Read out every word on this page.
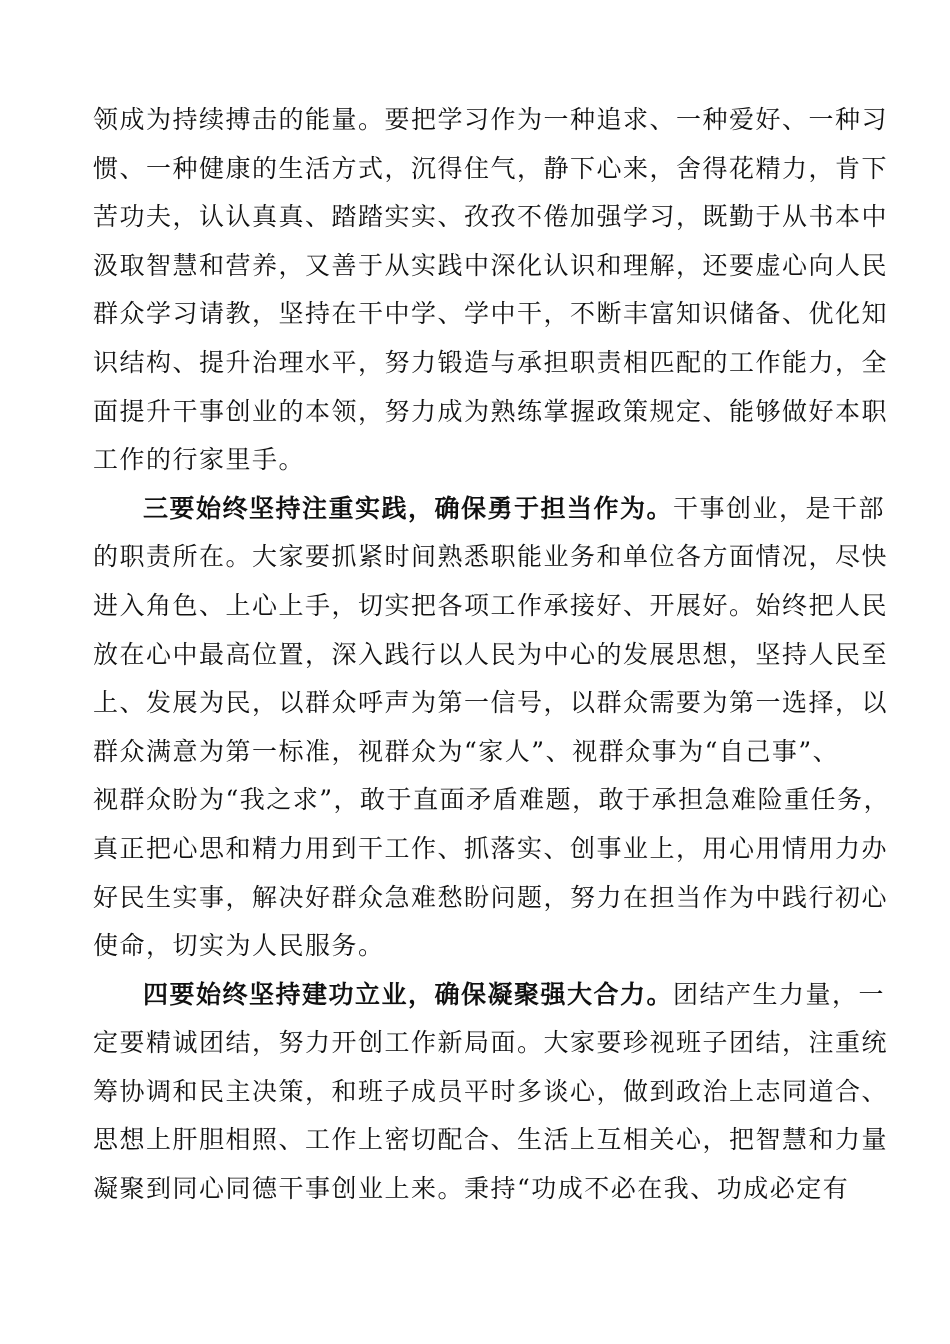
领成为持续搏击的能量。要把学习作为一种追求、一种爱好、一种习
惯、一种健康的生活方式，沉得住气，静下心来，舍得花精力，肯下
苦功夫，认认真真、踏踏实实、孜孜不倦加强学习，既勤于从书本中
汲取智慧和营养，又善于从实践中深化认识和理解，还要虚心向人民
群众学习请教，坚持在干中学、学中干，不断丰富知识储备、优化知
识结构、提升治理水平，努力锻造与承担职责相匹配的工作能力，全
面提升干事创业的本领，努力成为熟练掌握政策规定、能够做好本职
工作的行家里手。
三要始终坚持注重实践，确保勇于担当作为。干事创业，是干部
的职责所在。大家要抓紧时间熟悉职能业务和单位各方面情况，尽快
进入角色、上心上手，切实把各项工作承接好、开展好。始终把人民
放在心中最高位置，深入践行以人民为中心的发展思想，坚持人民至
上、发展为民，以群众呼声为第一信号，以群众需要为第一选择，以
群众满意为第一标准，视群众为“家人”、视群众事为“自己事”、
视群众盼为“我之求”，敢于直面矛盾难题，敢于承担急难险重任务，
真正把心思和精力用到干工作、抓落实、创事业上，用心用情用力办
好民生实事，解决好群众急难愁盼问题，努力在担当作为中践行初心
使命，切实为人民服务。
四要始终坚持建功立业，确保凝聚强大合力。团结产生力量，一
定要精诚团结，努力开创工作新局面。大家要珍视班子团结，注重统
筹协调和民主决策，和班子成员平时多谈心，做到政治上志同道合、
思想上肝胆相照、工作上密切配合、生活上互相关心，把智慧和力量
凝聚到同心同德干事创业上来。秉持“功成不必在我、功成必定有
